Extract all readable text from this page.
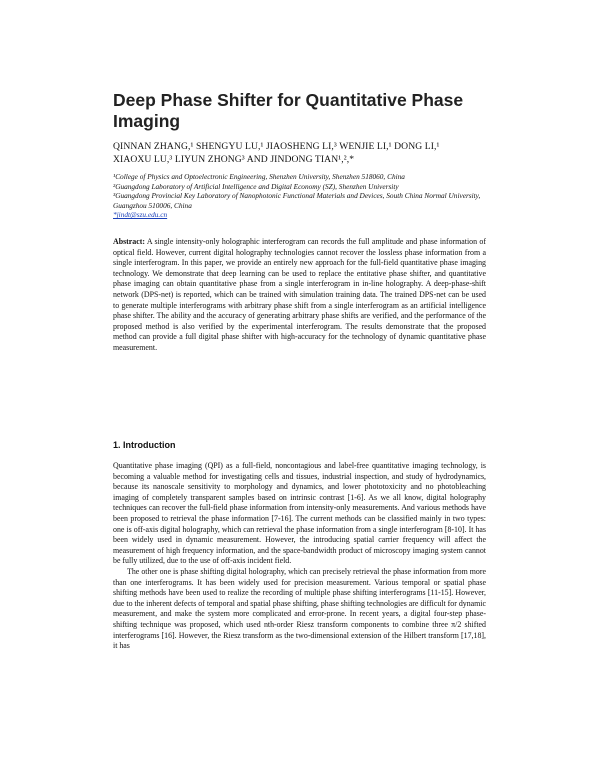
Deep Phase Shifter for Quantitative Phase Imaging
QINNAN ZHANG,¹ SHENGYU LU,¹ JIAOSHENG LI,³ WENJIE LI,¹ DONG LI,¹
XIAOXU LU,³ LIYUN ZHONG³ AND JINDONG TIAN¹,²,*
¹College of Physics and Optoelectronic Engineering, Shenzhen University, Shenzhen 518060, China
²Guangdong Laboratory of Artificial Intelligence and Digital Economy (SZ), Shenzhen University
³Guangdong Provincial Key Laboratory of Nanophotonic Functional Materials and Devices, South China Normal University, Guangzhou 510006, China
*jindt@szu.edu.cn

Abstract: A single intensity-only holographic interferogram can records the full amplitude and phase information of optical field. However, current digital holography technologies cannot recover the lossless phase information from a single interferogram. In this paper, we provide an entirely new approach for the full-field quantitative phase imaging technology. We demonstrate that deep learning can be used to replace the entitative phase shifter, and quantitative phase imaging can obtain quantitative phase from a single interferogram in in-line holography. A deep-phase-shift network (DPS-net) is reported, which can be trained with simulation training data. The trained DPS-net can be used to generate multiple interferograms with arbitrary phase shift from a single interferogram as an artificial intelligence phase shifter. The ability and the accuracy of generating arbitrary phase shifts are verified, and the performance of the proposed method is also verified by the experimental interferogram. The results demonstrate that the proposed method can provide a full digital phase shifter with high-accuracy for the technology of dynamic quantitative phase measurement.

1. Introduction

Quantitative phase imaging (QPI) as a full-field, noncontagious and label-free quantitative imaging technology, is becoming a valuable method for investigating cells and tissues, industrial inspection, and study of hydrodynamics, because its nanoscale sensitivity to morphology and dynamics, and lower phototoxicity and no photobleaching imaging of completely transparent samples based on intrinsic contrast [1-6]. As we all know, digital holography techniques can recover the full-field phase information from intensity-only measurements. And various methods have been proposed to retrieval the phase information [7-16]. The current methods can be classified mainly in two types: one is off-axis digital holography, which can retrieval the phase information from a single interferogram [8-10]. It has been widely used in dynamic measurement. However, the introducing spatial carrier frequency will affect the measurement of high frequency information, and the space-bandwidth product of microscopy imaging system cannot be fully utilized, due to the use of off-axis incident field.

The other one is phase shifting digital holography, which can precisely retrieval the phase information from more than one interferograms. It has been widely used for precision measurement. Various temporal or spatial phase shifting methods have been used to realize the recording of multiple phase shifting interferograms [11-15]. However, due to the inherent defects of temporal and spatial phase shifting, phase shifting technologies are difficult for dynamic measurement, and make the system more complicated and error-prone. In recent years, a digital four-step phase-shifting technique was proposed, which used nth-order Riesz transform components to combine three π/2 shifted interferograms [16]. However, the Riesz transform as the two-dimensional extension of the Hilbert transform [17,18], it has
